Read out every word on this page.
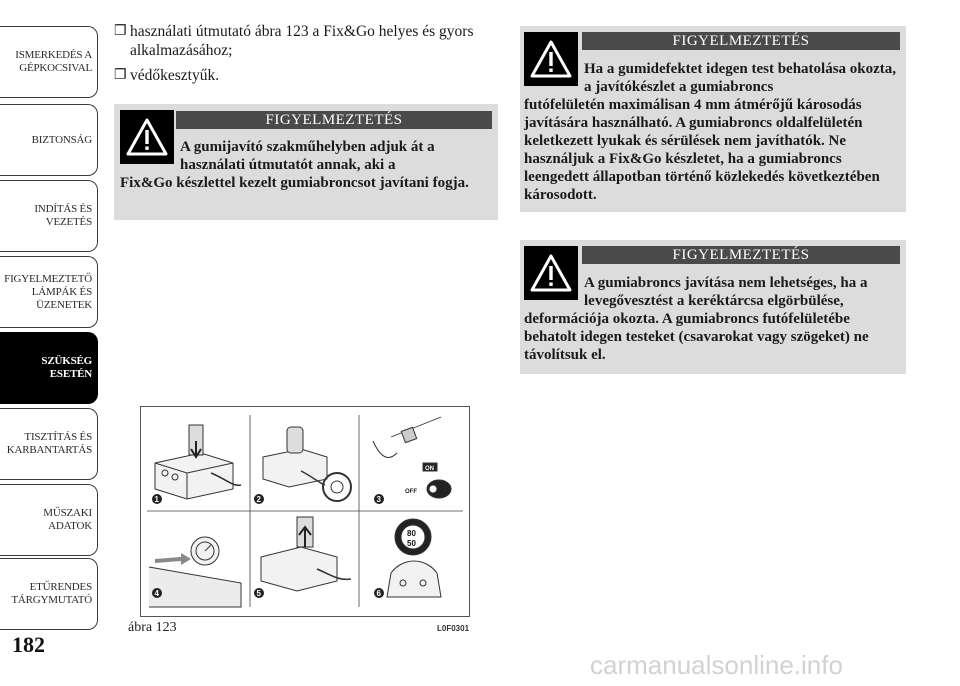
ISMERKEDÉS A
GÉPKOCSIVAL
BIZTONSÁG
INDÍTÁS ÉS
VEZETÉS
FIGYELMEZTETŐ
LÁMPÁK ÉS
ÜZENETEK
SZÜKSÉG ESETÉN
TISZTÍTÁS ÉS
KARBANTARTÁS
MŰSZAKI ADATOK
ETŰRENDES
TÁRGYMUTATÓ
182
❒ használati útmutató ábra 123 a Fix&Go helyes és gyors alkalmazásához;
❒ védőkesztyűk.
FIGYELMEZTETÉS
A gumijavító szakműhelyben adjuk át a használati útmutatót annak, aki a
Fix&Go készlettel kezelt gumiabroncsot javítani fogja.
FIGYELMEZTETÉS
Ha a gumidefektet idegen test behatolása okozta, a javítókészlet a gumiabroncs
futófelületén maximálisan 4 mm átmérőjű károsodás javítására használható. A gumiabroncs oldalfelületén keletkezett lyukak és sérülések nem javíthatók. Ne használjuk a Fix&Go készletet, ha a gumiabroncs leengedett állapotban történő közlekedés következtében károsodott.
FIGYELMEZTETÉS
A gumiabroncs javítása nem lehetséges, ha a levegővesztést a keréktárcsa elgörbülése,
deformációja okozta. A gumiabroncs futófelületébe behatolt idegen testeket (csavarokat vagy szögeket) ne távolítsuk el.
ON
OFF
80
50
1	2	3
4	5	6
ábra 123	L0F0301
carmanualsonline.info
